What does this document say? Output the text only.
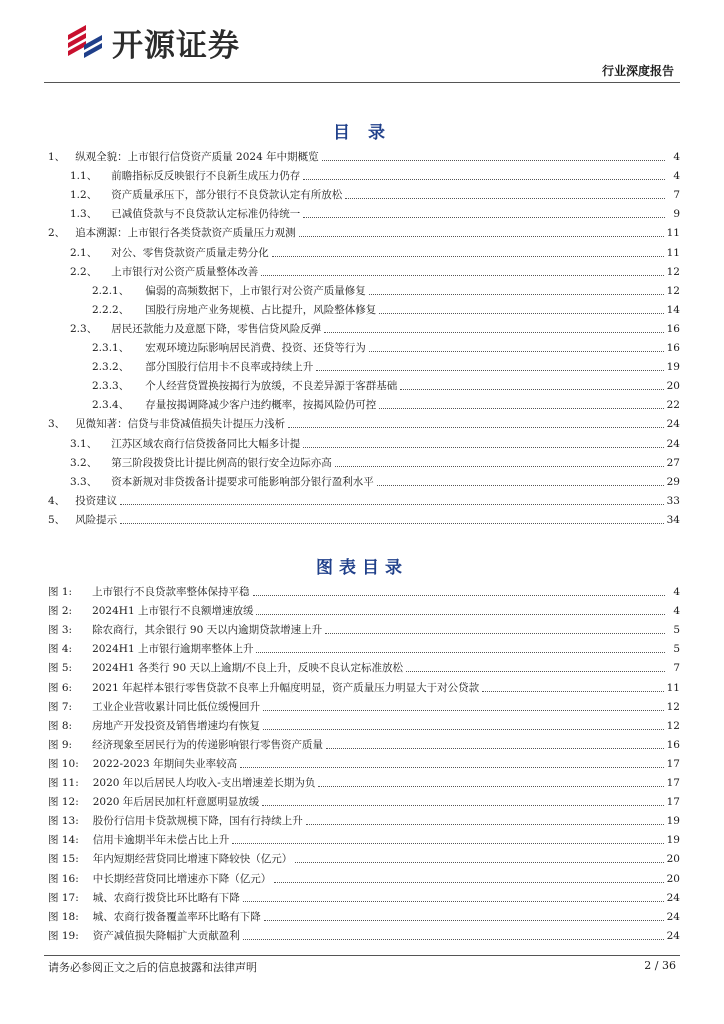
开源证券
行业深度报告
目 录
1、 纵观全貌：上市银行信贷资产质量 2024 年中期概览	4
1.1、 前瞻指标反反映银行不良新生成压力仍存	4
1.2、 资产质量承压下，部分银行不良贷款认定有所放松	7
1.3、 已减值贷款与不良贷款认定标准仍待统一	9
2、 追本溯源：上市银行各类贷款资产质量压力观测	11
2.1、 对公、零售贷款资产质量走势分化	11
2.2、 上市银行对公资产质量整体改善	12
2.2.1、 偏弱的高频数据下，上市银行对公资产质量修复	12
2.2.2、 国股行房地产业务规模、占比提升，风险整体修复	14
2.3、 居民还款能力及意愿下降，零售信贷风险反弹	16
2.3.1、 宏观环境边际影响居民消费、投资、还贷等行为	16
2.3.2、 部分国股行信用卡不良率或持续上升	19
2.3.3、 个人经营贷置换按揭行为放缓，不良差异源于客群基础	20
2.3.4、 存量按揭调降减少客户违约概率，按揭风险仍可控	22
3、 见微知著：信贷与非贷减值损失计提压力浅析	24
3.1、 江苏区域农商行信贷拨备同比大幅多计提	24
3.2、 第三阶段拨贷比计提比例高的银行安全边际亦高	27
3.3、 资本新规对非贷拨备计提要求可能影响部分银行盈利水平	29
4、 投资建议	33
5、 风险提示	34
图表目录
图 1: 上市银行不良贷款率整体保持平稳	4
图 2: 2024H1 上市银行不良额增速放缓	4
图 3: 除农商行，其余银行 90 天以内逾期贷款增速上升	5
图 4: 2024H1 上市银行逾期率整体上升	5
图 5: 2024H1 各类行 90 天以上逾期/不良上升，反映不良认定标准放松	7
图 6: 2021 年起样本银行零售贷款不良率上升幅度明显，资产质量压力明显大于对公贷款	11
图 7: 工业企业营收累计同比低位缓慢回升	12
图 8: 房地产开发投资及销售增速均有恢复	12
图 9: 经济现象至居民行为的传递影响银行零售资产质量	16
图 10: 2022-2023 年期间失业率较高	17
图 11: 2020 年以后居民人均收入-支出增速差长期为负	17
图 12: 2020 年后居民加杠杆意愿明显放缓	17
图 13: 股份行信用卡贷款规模下降，国有行持续上升	19
图 14: 信用卡逾期半年未偿占比上升	19
图 15: 年内短期经营贷同比增速下降较快（亿元）	20
图 16: 中长期经营贷同比增速亦下降（亿元）	20
图 17: 城、农商行拨贷比环比略有下降	24
图 18: 城、农商行拨备覆盖率环比略有下降	24
图 19: 资产减值损失降幅扩大贡献盈利	24
请务必参阅正文之后的信息披露和法律声明	2 / 36
